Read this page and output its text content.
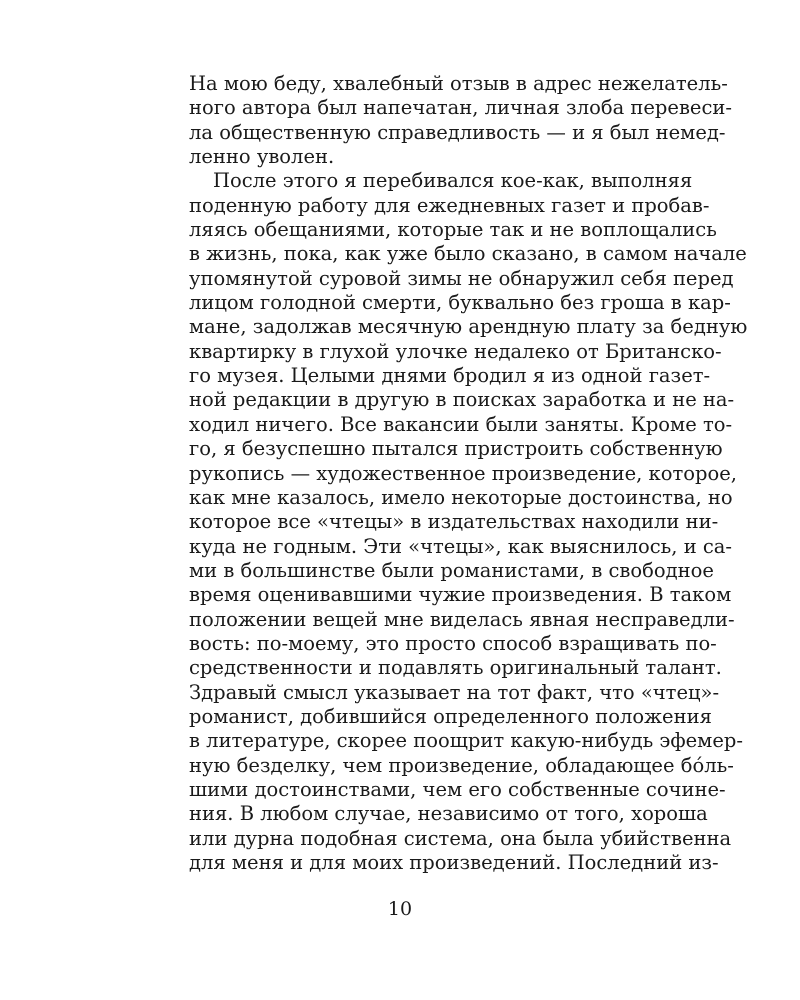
На мою беду, хвалебный отзыв в адрес нежелатель-
ного автора был напечатан, личная злоба перевеси-
ла общественную справедливость — и я был немед-
ленно уволен.
После этого я перебивался кое-как, выполняя
поденную работу для ежедневных газет и пробав-
ляясь обещаниями, которые так и не воплощались
в жизнь, пока, как уже было сказано, в самом начале
упомянутой суровой зимы не обнаружил себя перед
лицом голодной смерти, буквально без гроша в кар-
мане, задолжав месячную арендную плату за бедную
квартирку в глухой улочке недалеко от Британско-
го музея. Целыми днями бродил я из одной газет-
ной редакции в другую в поисках заработка и не на-
ходил ничего. Все вакансии были заняты. Кроме то-
го, я безуспешно пытался пристроить собственную
рукопись — художественное произведение, которое,
как мне казалось, имело некоторые достоинства, но
которое все «чтецы» в издательствах находили ни-
куда не годным. Эти «чтецы», как выяснилось, и са-
ми в большинстве были романистами, в свободное
время оценивавшими чужие произведения. В таком
положении вещей мне виделась явная несправедли-
вость: по-моему, это просто способ взращивать по-
средственности и подавлять оригинальный талант.
Здравый смысл указывает на тот факт, что «чтец»-
романист, добившийся определенного положения
в литературе, скорее поощрит какую-нибудь эфемер-
ную безделку, чем произведение, обладающее бо́ль-
шими достоинствами, чем его собственные сочине-
ния. В любом случае, независимо от того, хороша
или дурна подобная система, она была убийственна
для меня и для моих произведений. Последний из-
10
